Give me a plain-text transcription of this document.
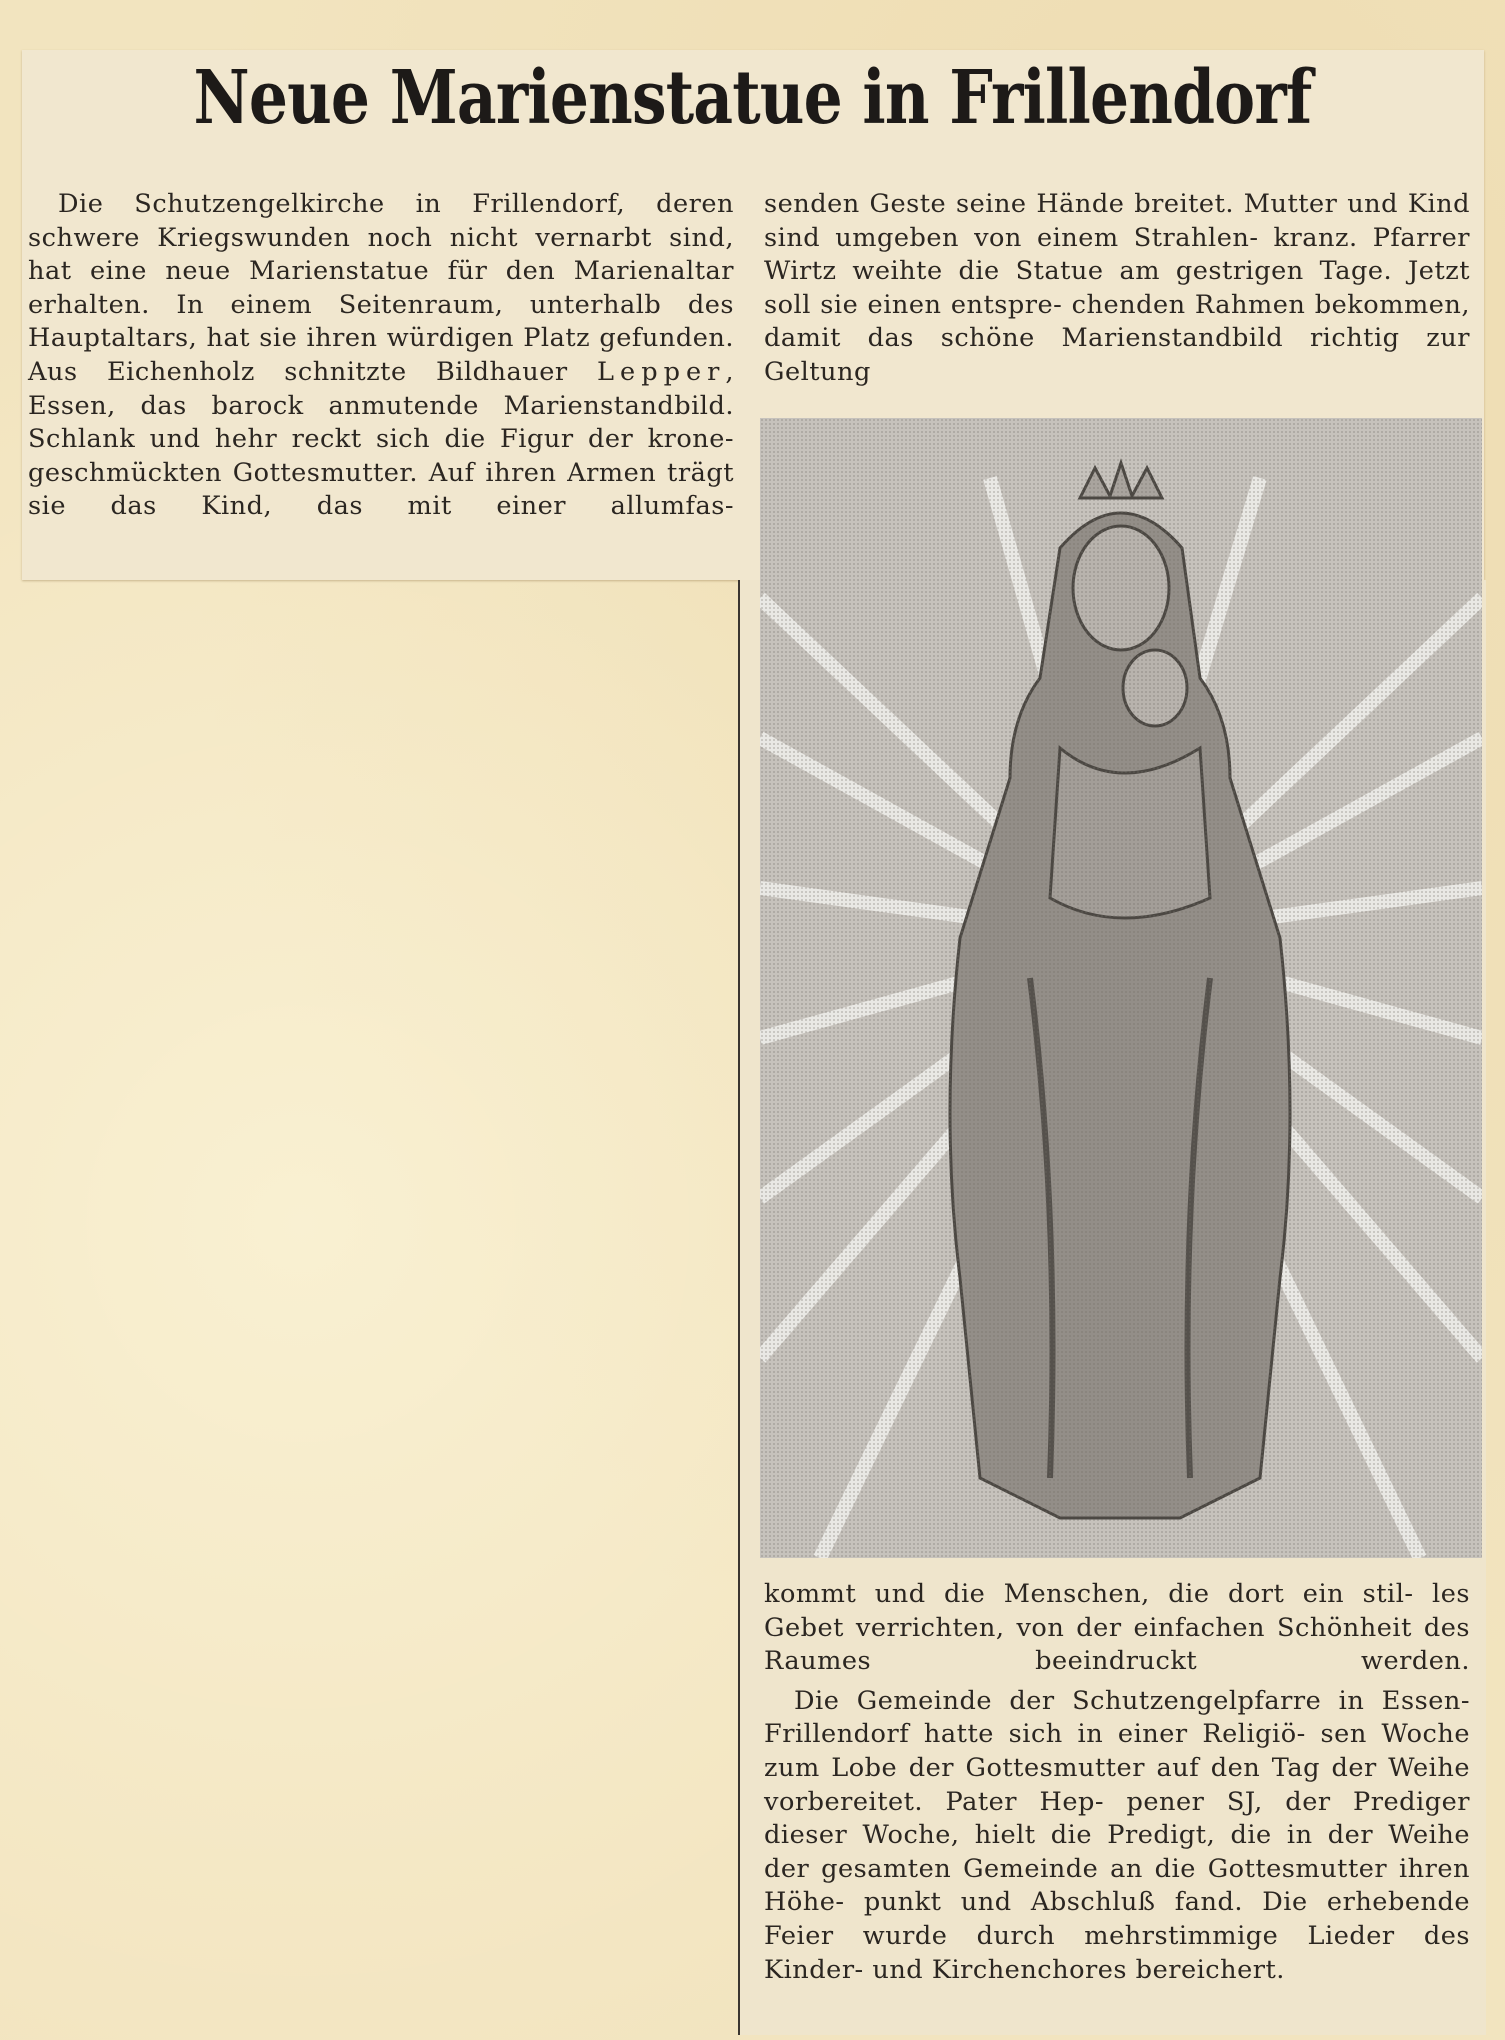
Neue Marienstatue in Frillendorf

Die Schutzengelkirche in Frillendorf, deren schwere Kriegswunden noch nicht vernarbt sind, hat eine neue Marienstatue für den Marienaltar erhalten. In einem Seitenraum, unterhalb des Hauptaltars, hat sie ihren würdigen Platz gefunden. Aus Eichenholz schnitzte Bildhauer Lepper, Essen, das barock anmutende Marienstandbild. Schlank und hehr reckt sich die Figur der krone- geschmückten Gottesmutter. Auf ihren Armen trägt sie das Kind, das mit einer allumfas-

senden Geste seine Hände breitet. Mutter und Kind sind umgeben von einem Strahlen- kranz. Pfarrer Wirtz weihte die Statue am gestrigen Tage. Jetzt soll sie einen entspre- chenden Rahmen bekommen, damit das schöne Marienstandbild richtig zur Geltung

kommt und die Menschen, die dort ein stil- les Gebet verrichten, von der einfachen Schönheit des Raumes beeindruckt werden.

Die Gemeinde der Schutzengelpfarre in Essen-Frillendorf hatte sich in einer Religiö- sen Woche zum Lobe der Gottesmutter auf den Tag der Weihe vorbereitet. Pater Hep- pener SJ, der Prediger dieser Woche, hielt die Predigt, die in der Weihe der gesamten Gemeinde an die Gottesmutter ihren Höhe- punkt und Abschluß fand. Die erhebende Feier wurde durch mehrstimmige Lieder des Kinder- und Kirchenchores bereichert.
